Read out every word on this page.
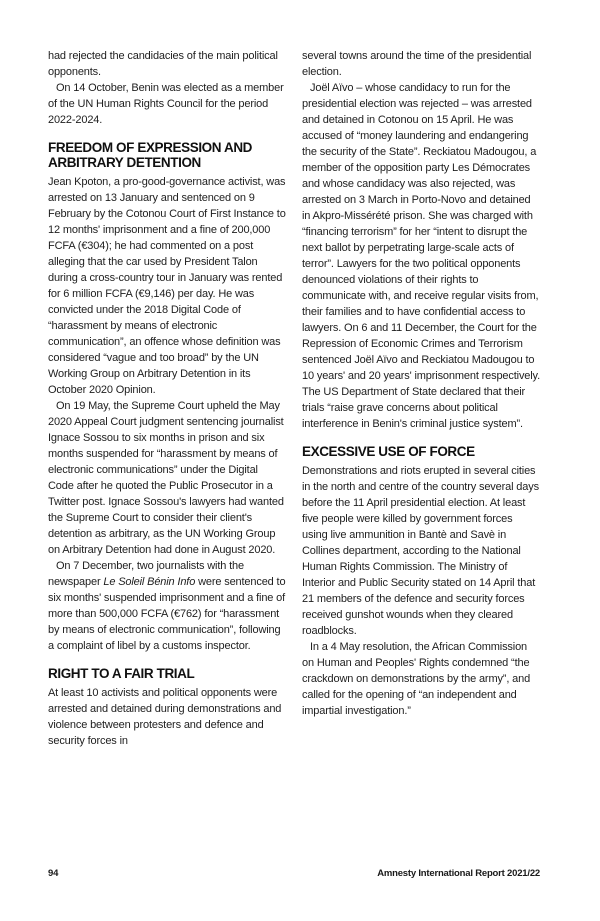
had rejected the candidacies of the main political opponents.

On 14 October, Benin was elected as a member of the UN Human Rights Council for the period 2022-2024.

FREEDOM OF EXPRESSION AND ARBITRARY DETENTION

Jean Kpoton, a pro-good-governance activist, was arrested on 13 January and sentenced on 9 February by the Cotonou Court of First Instance to 12 months' imprisonment and a fine of 200,000 FCFA (€304); he had commented on a post alleging that the car used by President Talon during a cross-country tour in January was rented for 6 million FCFA (€9,146) per day. He was convicted under the 2018 Digital Code of “harassment by means of electronic communication”, an offence whose definition was considered “vague and too broad” by the UN Working Group on Arbitrary Detention in its October 2020 Opinion.

On 19 May, the Supreme Court upheld the May 2020 Appeal Court judgment sentencing journalist Ignace Sossou to six months in prison and six months suspended for “harassment by means of electronic communications” under the Digital Code after he quoted the Public Prosecutor in a Twitter post. Ignace Sossou's lawyers had wanted the Supreme Court to consider their client's detention as arbitrary, as the UN Working Group on Arbitrary Detention had done in August 2020.

On 7 December, two journalists with the newspaper Le Soleil Bénin Info were sentenced to six months' suspended imprisonment and a fine of more than 500,000 FCFA (€762) for “harassment by means of electronic communication”, following a complaint of libel by a customs inspector.

RIGHT TO A FAIR TRIAL

At least 10 activists and political opponents were arrested and detained during demonstrations and violence between protesters and defence and security forces in

several towns around the time of the presidential election.

Joël Aïvo – whose candidacy to run for the presidential election was rejected – was arrested and detained in Cotonou on 15 April. He was accused of “money laundering and endangering the security of the State”. Reckiatou Madougou, a member of the opposition party Les Démocrates and whose candidacy was also rejected, was arrested on 3 March in Porto-Novo and detained in Akpro-Missérété prison. She was charged with “financing terrorism” for her “intent to disrupt the next ballot by perpetrating large-scale acts of terror”. Lawyers for the two political opponents denounced violations of their rights to communicate with, and receive regular visits from, their families and to have confidential access to lawyers. On 6 and 11 December, the Court for the Repression of Economic Crimes and Terrorism sentenced Joël Aïvo and Reckiatou Madougou to 10 years' and 20 years' imprisonment respectively. The US Department of State declared that their trials “raise grave concerns about political interference in Benin's criminal justice system”.

EXCESSIVE USE OF FORCE

Demonstrations and riots erupted in several cities in the north and centre of the country several days before the 11 April presidential election. At least five people were killed by government forces using live ammunition in Bantè and Savè in Collines department, according to the National Human Rights Commission. The Ministry of Interior and Public Security stated on 14 April that 21 members of the defence and security forces received gunshot wounds when they cleared roadblocks.

In a 4 May resolution, the African Commission on Human and Peoples' Rights condemned “the crackdown on demonstrations by the army”, and called for the opening of “an independent and impartial investigation.”

94	Amnesty International Report 2021/22
